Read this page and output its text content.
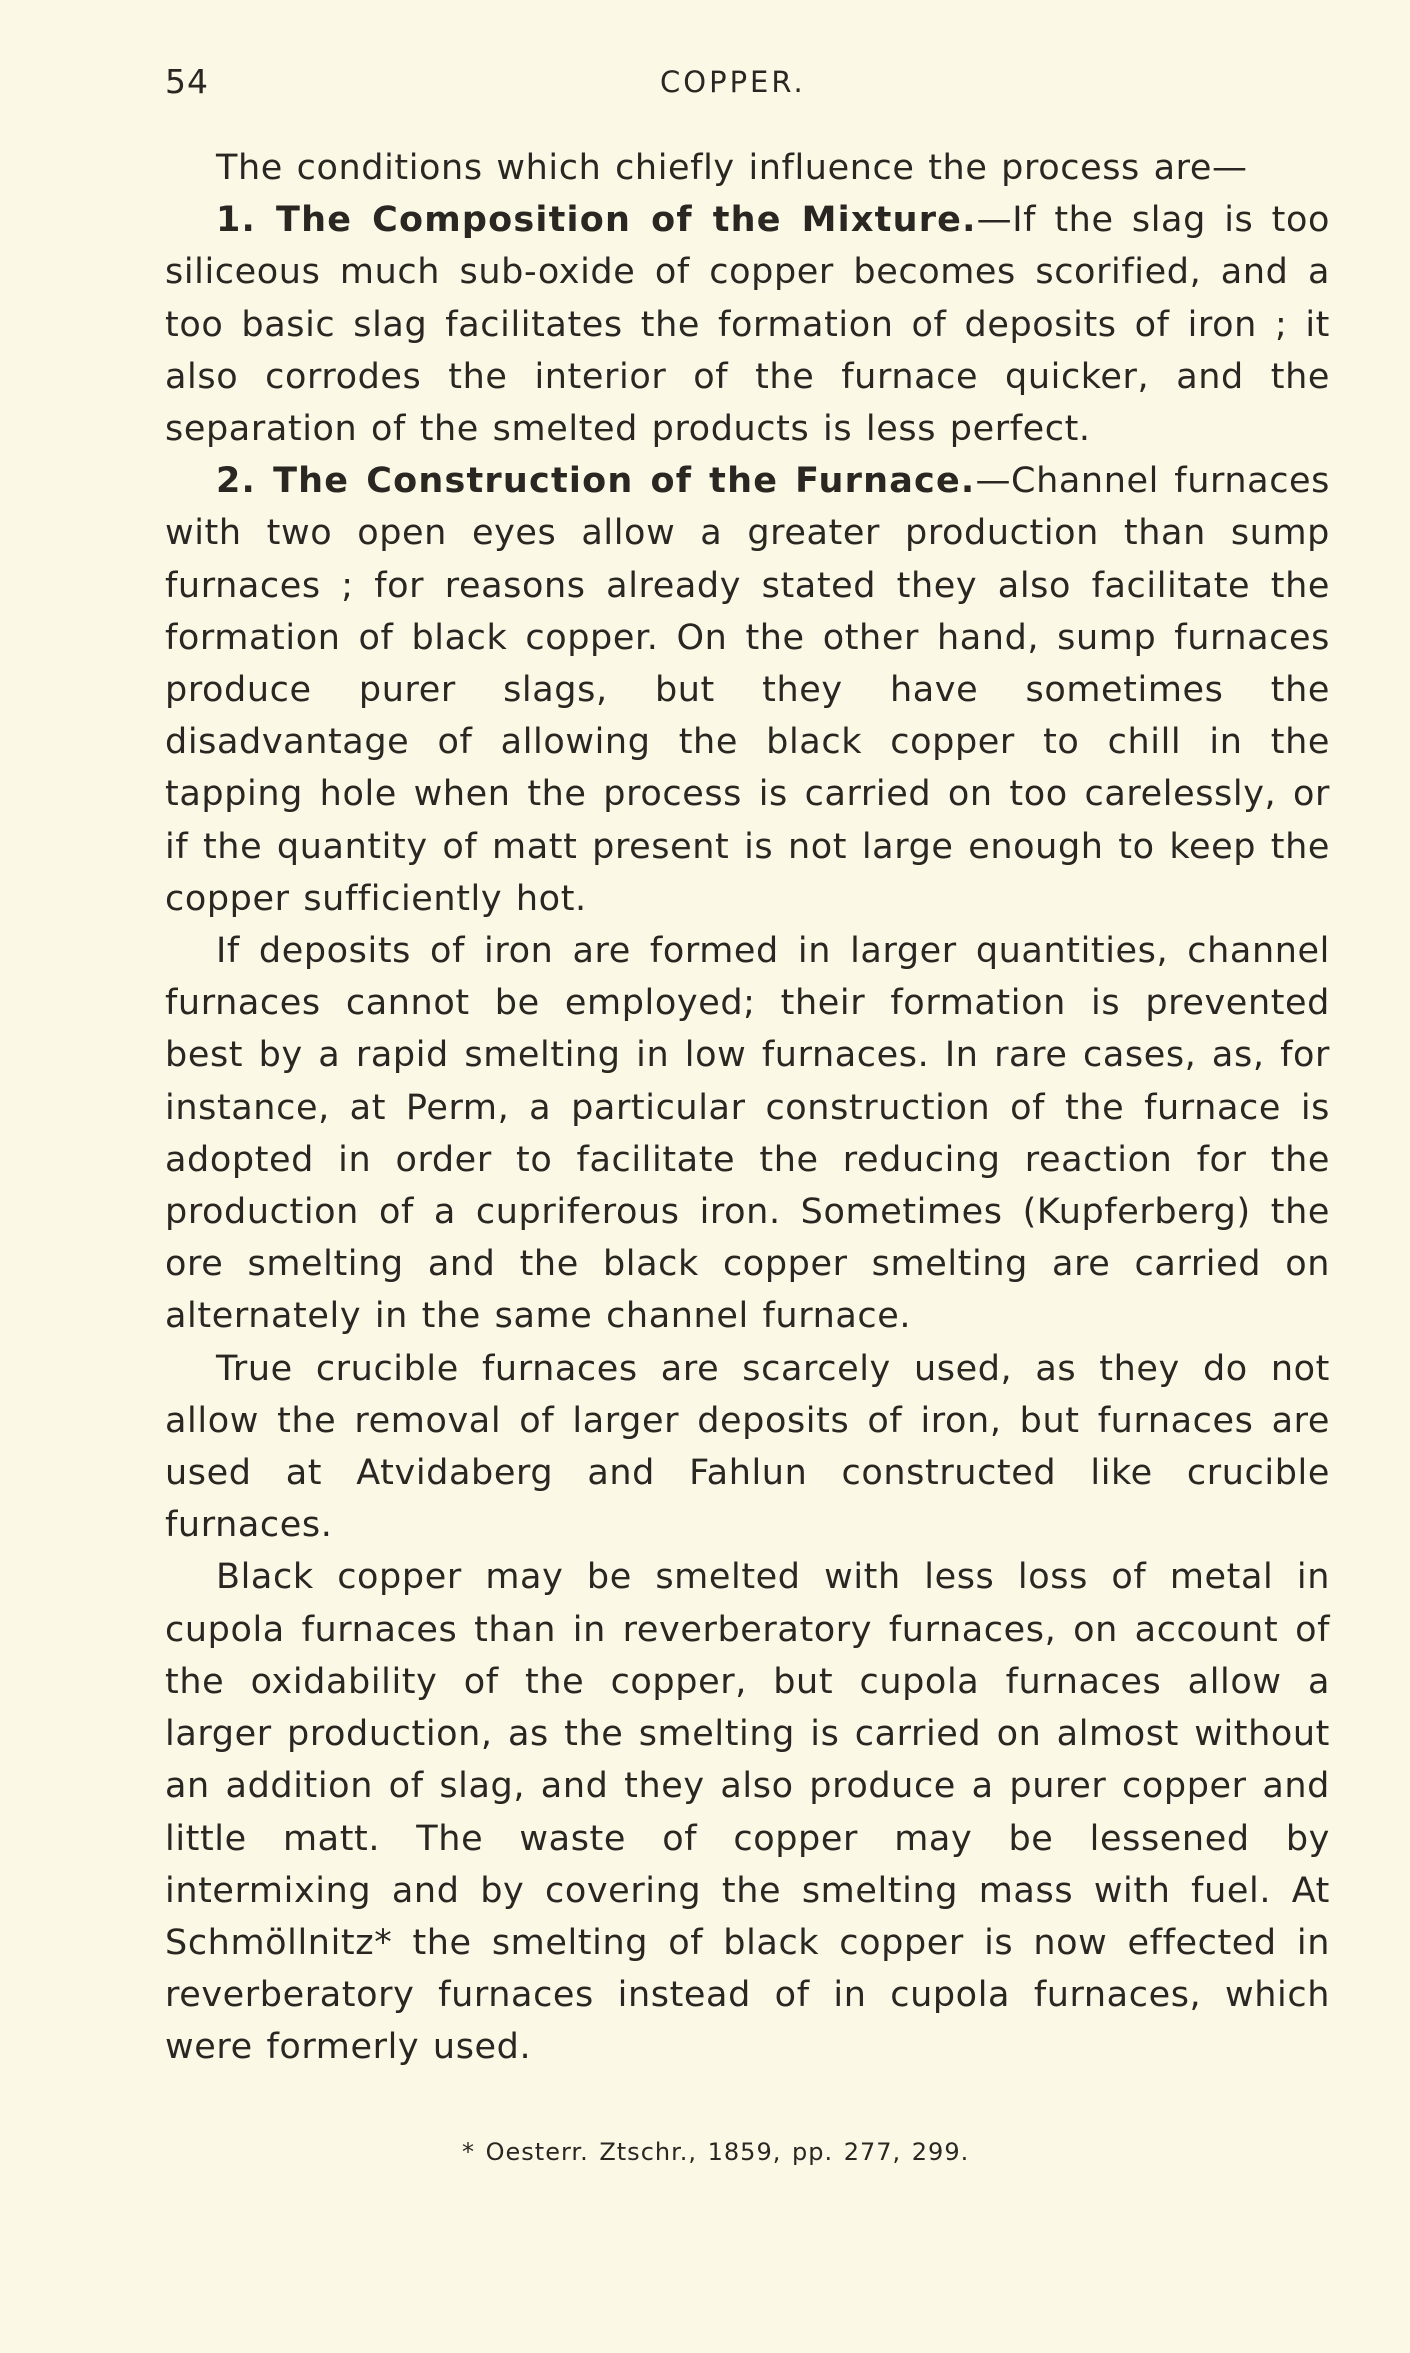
54	COPPER.

The conditions which chiefly influence the process are—

1. The Composition of the Mixture.—If the slag is too siliceous much sub-oxide of copper becomes scorified, and a too basic slag facilitates the formation of deposits of iron ; it also corrodes the interior of the furnace quicker, and the separation of the smelted products is less perfect.

2. The Construction of the Furnace.—Channel furnaces with two open eyes allow a greater production than sump furnaces ; for reasons already stated they also facilitate the formation of black copper. On the other hand, sump furnaces produce purer slags, but they have sometimes the disadvantage of allowing the black copper to chill in the tapping hole when the process is carried on too carelessly, or if the quantity of matt present is not large enough to keep the copper sufficiently hot.

If deposits of iron are formed in larger quantities, channel furnaces cannot be employed; their formation is prevented best by a rapid smelting in low furnaces. In rare cases, as, for instance, at Perm, a particular construction of the furnace is adopted in order to facilitate the reducing reaction for the production of a cupriferous iron. Sometimes (Kupferberg) the ore smelting and the black copper smelting are carried on alternately in the same channel furnace.

True crucible furnaces are scarcely used, as they do not allow the removal of larger deposits of iron, but furnaces are used at Atvidaberg and Fahlun constructed like crucible furnaces.

Black copper may be smelted with less loss of metal in cupola furnaces than in reverberatory furnaces, on account of the oxidability of the copper, but cupola furnaces allow a larger production, as the smelting is carried on almost without an addition of slag, and they also produce a purer copper and little matt. The waste of copper may be lessened by intermixing and by covering the smelting mass with fuel. At Schmöllnitz* the smelting of black copper is now effected in reverberatory furnaces instead of in cupola furnaces, which were formerly used.

* Oesterr. Ztschr., 1859, pp. 277, 299.
